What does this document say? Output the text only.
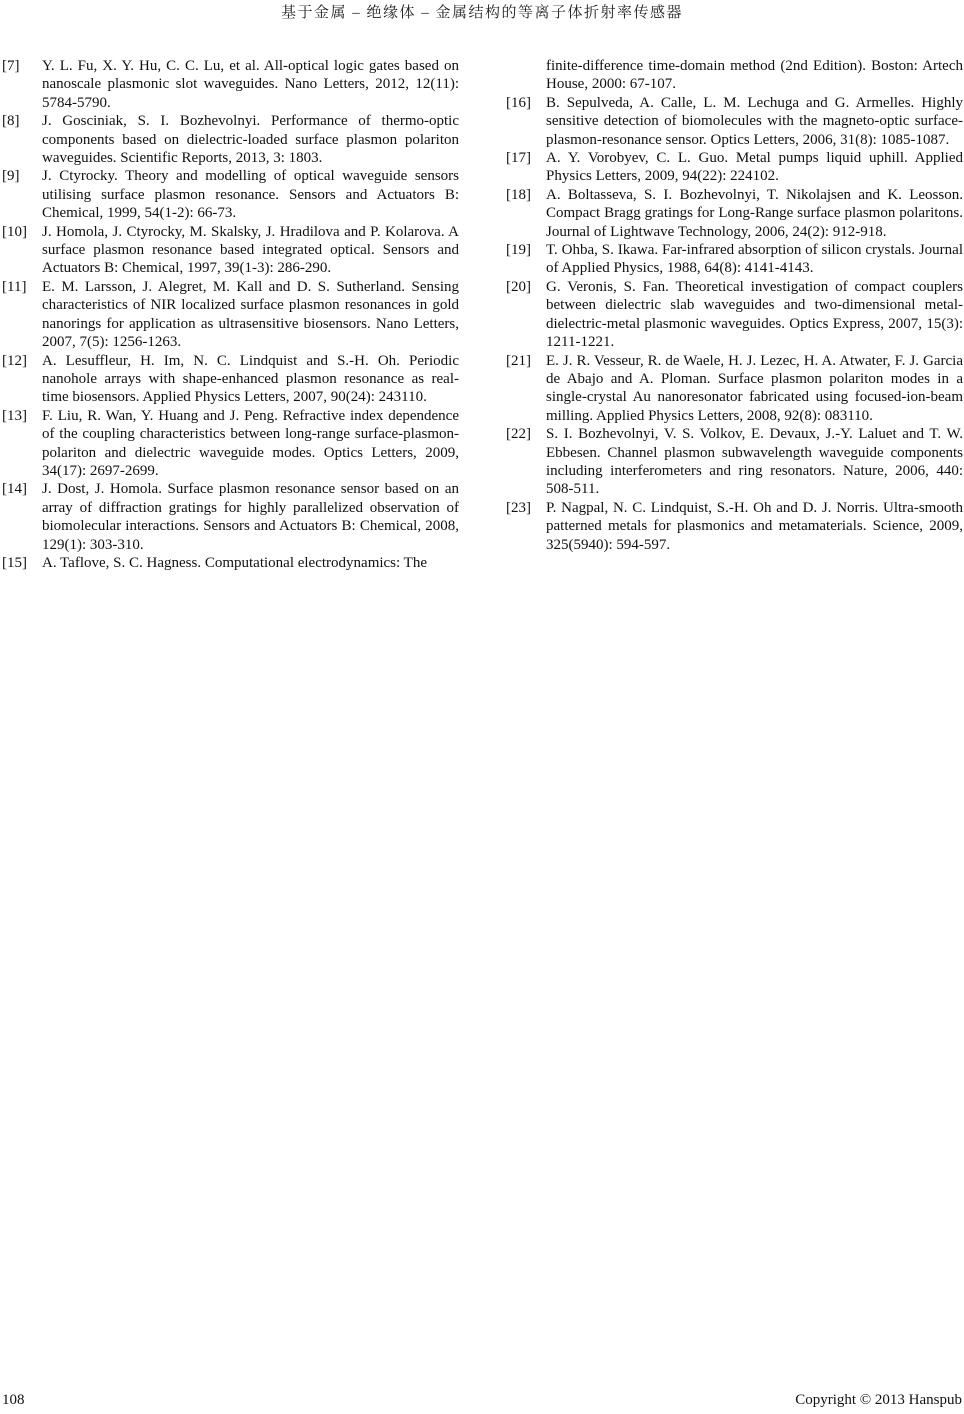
基于金属 – 绝缘体 – 金属结构的等离子体折射率传感器
[7]	Y. L. Fu, X. Y. Hu, C. C. Lu, et al. All-optical logic gates based on nanoscale plasmonic slot waveguides. Nano Letters, 2012, 12(11): 5784-5790.
[8]	J. Gosciniak, S. I. Bozhevolnyi. Performance of thermo-optic components based on dielectric-loaded surface plasmon polariton waveguides. Scientific Reports, 2013, 3: 1803.
[9]	J. Ctyrocky. Theory and modelling of optical waveguide sensors utilising surface plasmon resonance. Sensors and Actuators B: Chemical, 1999, 54(1-2): 66-73.
[10]	J. Homola, J. Ctyrocky, M. Skalsky, J. Hradilova and P. Kolarova. A surface plasmon resonance based integrated optical. Sensors and Actuators B: Chemical, 1997, 39(1-3): 286-290.
[11]	E. M. Larsson, J. Alegret, M. Kall and D. S. Sutherland. Sensing characteristics of NIR localized surface plasmon resonances in gold nanorings for application as ultrasensitive biosensors. Nano Letters, 2007, 7(5): 1256-1263.
[12]	A. Lesuffleur, H. Im, N. C. Lindquist and S.-H. Oh. Periodic nanohole arrays with shape-enhanced plasmon resonance as real-time biosensors. Applied Physics Letters, 2007, 90(24): 243110.
[13]	F. Liu, R. Wan, Y. Huang and J. Peng. Refractive index dependence of the coupling characteristics between long-range surface-plasmon-polariton and dielectric waveguide modes. Optics Letters, 2009, 34(17): 2697-2699.
[14]	J. Dost, J. Homola. Surface plasmon resonance sensor based on an array of diffraction gratings for highly parallelized observation of biomolecular interactions. Sensors and Actuators B: Chemical, 2008, 129(1): 303-310.
[15]	A. Taflove, S. C. Hagness. Computational electrodynamics: The
finite-difference time-domain method (2nd Edition). Boston: Artech House, 2000: 67-107.
[16]	B. Sepulveda, A. Calle, L. M. Lechuga and G. Armelles. Highly sensitive detection of biomolecules with the magneto-optic surface-plasmon-resonance sensor. Optics Letters, 2006, 31(8): 1085-1087.
[17]	A. Y. Vorobyev, C. L. Guo. Metal pumps liquid uphill. Applied Physics Letters, 2009, 94(22): 224102.
[18]	A. Boltasseva, S. I. Bozhevolnyi, T. Nikolajsen and K. Leosson. Compact Bragg gratings for Long-Range surface plasmon polaritons. Journal of Lightwave Technology, 2006, 24(2): 912-918.
[19]	T. Ohba, S. Ikawa. Far-infrared absorption of silicon crystals. Journal of Applied Physics, 1988, 64(8): 4141-4143.
[20]	G. Veronis, S. Fan. Theoretical investigation of compact couplers between dielectric slab waveguides and two-dimensional metal-dielectric-metal plasmonic waveguides. Optics Express, 2007, 15(3): 1211-1221.
[21]	E. J. R. Vesseur, R. de Waele, H. J. Lezec, H. A. Atwater, F. J. Garcia de Abajo and A. Ploman. Surface plasmon polariton modes in a single-crystal Au nanoresonator fabricated using focused-ion-beam milling. Applied Physics Letters, 2008, 92(8): 083110.
[22]	S. I. Bozhevolnyi, V. S. Volkov, E. Devaux, J.-Y. Laluet and T. W. Ebbesen. Channel plasmon subwavelength waveguide components including interferometers and ring resonators. Nature, 2006, 440: 508-511.
[23]	P. Nagpal, N. C. Lindquist, S.-H. Oh and D. J. Norris. Ultra-smooth patterned metals for plasmonics and metamaterials. Science, 2009, 325(5940): 594-597.
108	Copyright © 2013 Hanspub
